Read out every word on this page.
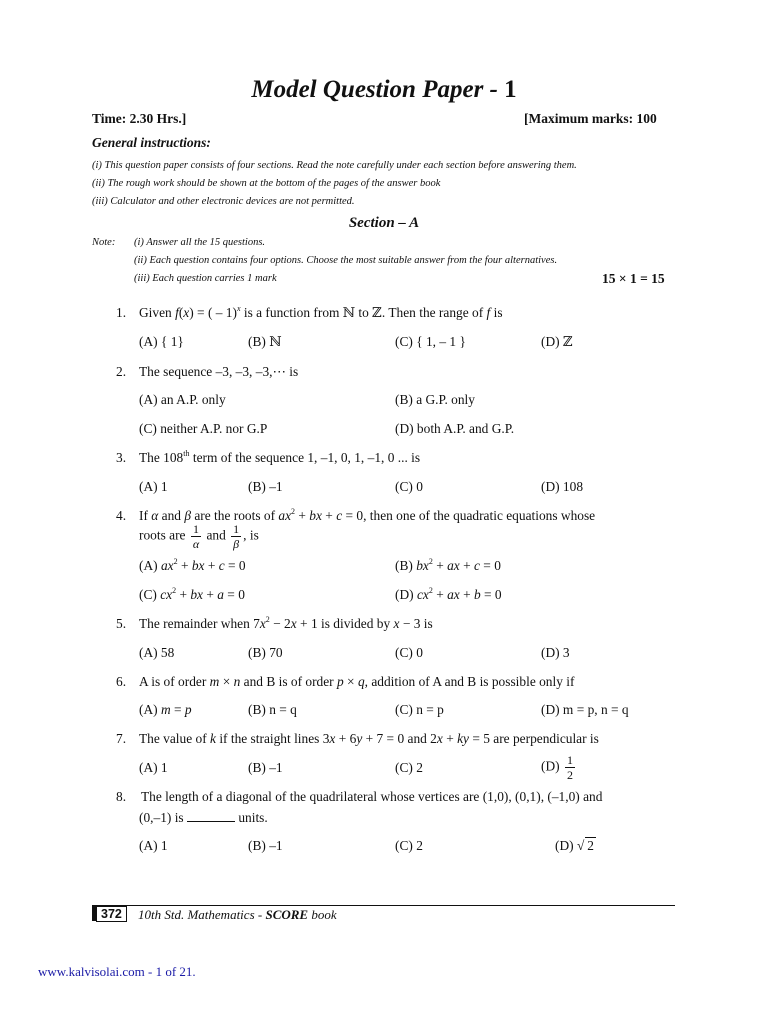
Model Question Paper - 1
Time: 2.30 Hrs.]	[Maximum marks: 100
General instructions:
(i) This question paper consists of four sections. Read the note carefully under each section before answering them.
(ii) The rough work should be shown at the bottom of the pages of the answer book
(iii) Calculator and other electronic devices are not permitted.
Section – A
Note: (i) Answer all the 15 questions.
(ii) Each question contains four options. Choose the most suitable answer from the four alternatives.
(iii) Each question carries 1 mark	15 × 1 = 15
1. Given f(x) = ( – 1)$^x$ is a function from ℕ to ℤ. Then the range of f is
(A) { 1}	(B) ℕ	(C) { 1, – 1 }	(D) ℤ
2. The sequence –3, –3, –3,⋯ is
(A) an A.P. only	(B) a G.P. only
(C) neither A.P. nor G.P	(D) both A.P. and G.P.
3. The 108th term of the sequence 1, –1, 0, 1, –1, 0 ... is
(A) 1	(B) –1	(C) 0	(D) 108
4. If α and β are the roots of $ax^2$ + bx + c = 0, then one of the quadratic equations whose
roots are $\frac{1}{\alpha}$ and $\frac{1}{\beta}$ , is
(A) $ax^2$ + bx + c = 0	(B) $bx^2$ + ax + c = 0
(C) $cx^2$ + bx + a = 0	(D) $cx^2$ + ax + b = 0
5. The remainder when $7x^2 - 2x + 1$ is divided by x − 3 is
(A) 58	(B) 70	(C) 0	(D) 3
6. A is of order m × n and B is of order p × q, addition of A and B is possible only if
(A) m = p	(B) n = q	(C) n = p	(D) m = p, n = q
7. The value of k if the straight lines 3x + 6y + 7 = 0 and 2x + ky = 5 are perpendicular is
(A) 1	(B) –1	(C) 2	$(D) \frac{1}{2}$
8. The length of a diagonal of the quadrilateral whose vertices are (1,0), (0,1), (–1,0) and
(0,–1) is	units.
(A) 1	(B) –1	(C) 2	(D) √ 2
372	10th Std. Mathematics - SCORE book
www.kalvisolai.com - 1 of 21.
